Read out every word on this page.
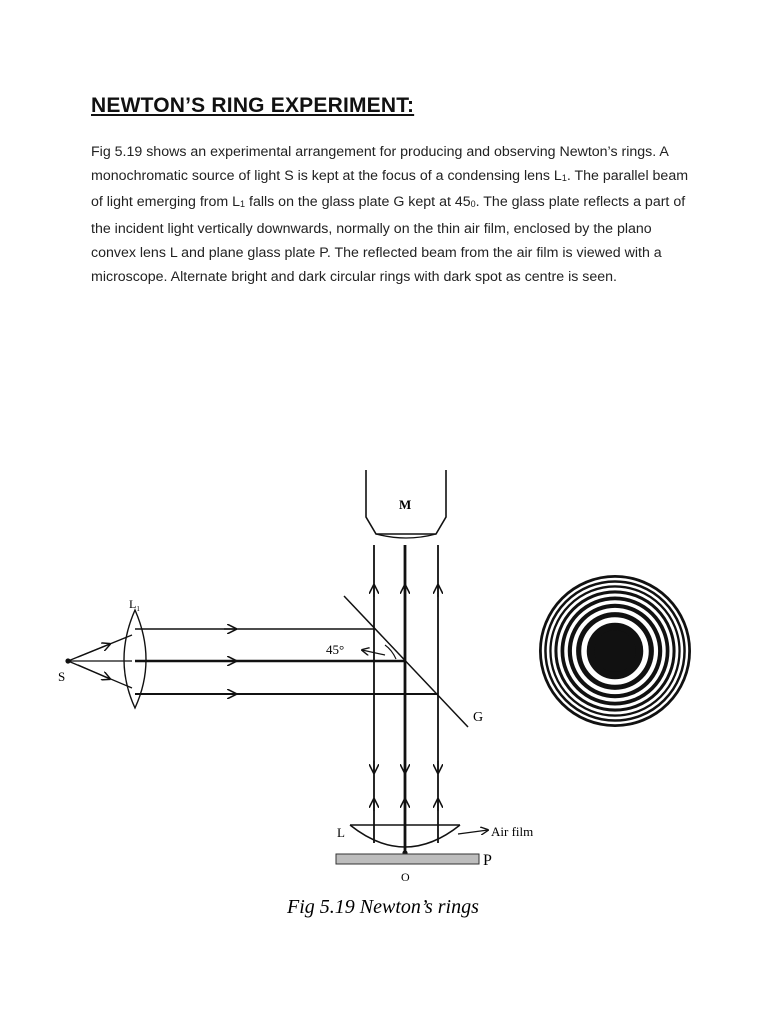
NEWTON’S RING EXPERIMENT:

Fig 5.19 shows an experimental arrangement for producing and observing Newton’s rings. A monochromatic source of light S is kept at the focus of a condensing lens $L_1$. The parallel beam of light emerging from $L_1$ falls on the glass plate G kept at $45_0$. The glass plate reflects a part of the incident light vertically downwards, normally on the thin air film, enclosed by the plano convex lens L and plane glass plate P. The reflected beam from the air film is viewed with a microscope. Alternate bright and dark circular rings with dark spot as centre is seen.

M
S
$L_1$
G
45°
L	Air film
O
P
Fig 5.19 Newton’s rings
